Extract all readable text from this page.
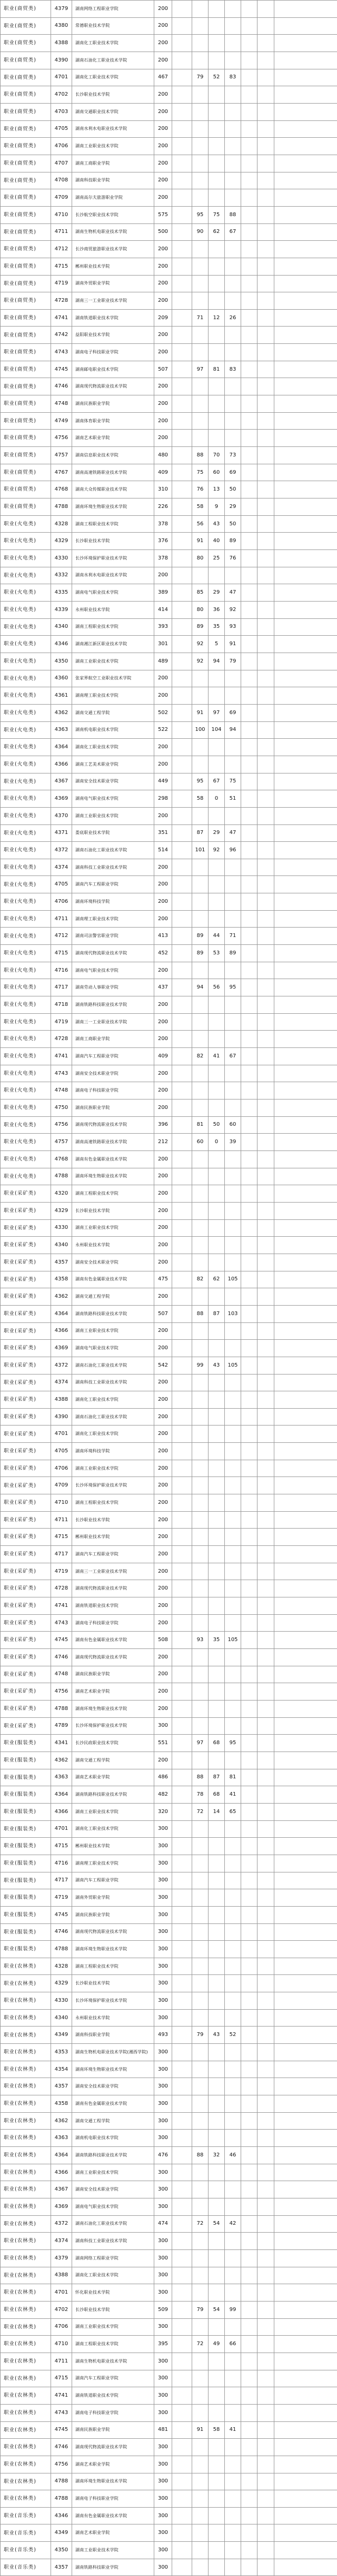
职业(商贸类)	4379	湖南网络工程职业学院	200							
职业(商贸类)	4380	常德职业技术学院	200							
职业(商贸类)	4388	湖南化工职业技术学院	200							
职业(商贸类)	4390	湖南石油化工职业技术学院	200							
职业(商贸类)	4701	湖南化工职业技术学院	467		79	52	83			
职业(商贸类)	4702	长沙职业技术学院	200							
职业(商贸类)	4703	湖南交通职业技术学院	200							
职业(商贸类)	4705	湖南水利水电职业技术学院	200							
职业(商贸类)	4706	湖南工业职业技术学院	200							
职业(商贸类)	4707	湖南工商职业学院	200							
职业(商贸类)	4708	湖南科技职业学院	200							
职业(商贸类)	4709	湖南高尔夫旅游职业学院	200							
职业(商贸类)	4710	长沙航空职业技术学院	575		95	75	88			
职业(商贸类)	4711	湖南生物机电职业技术学院	500		90	62	67			
职业(商贸类)	4712	长沙商贸旅游职业技术学院	200							
职业(商贸类)	4715	郴州职业技术学院	200							
职业(商贸类)	4719	湖南外贸职业学院	200							
职业(商贸类)	4728	湖南三一工业职业技术学院	200							
职业(商贸类)	4741	湖南铁道职业技术学院	209		71	12	26			
职业(商贸类)	4742	益阳职业技术学院	200							
职业(商贸类)	4743	湖南电子科技职业学院	200							
职业(商贸类)	4745	湖南邮电职业技术学院	507		97	81	83			
职业(商贸类)	4746	湖南现代物流职业技术学院	200							
职业(商贸类)	4748	湖南民族职业学院	200							
职业(商贸类)	4749	湖南体育职业学院	200							
职业(商贸类)	4756	湖南艺术职业学院	200							
职业(商贸类)	4757	湖南信息职业技术学院	480		88	70	73			
职业(商贸类)	4767	湖南高速铁路职业技术学院	409		75	60	69			
职业(商贸类)	4768	湖南大众传媒职业技术学院	310		76	13	50			
职业(商贸类)	4788	湖南环境生物职业技术学院	226		58	9	29			
职业(火电类)	4328	湖南工程职业技术学院	378		56	43	50			
职业(火电类)	4329	长沙职业技术学院	376		91	40	89			
职业(火电类)	4330	长沙环境保护职业技术学院	378		80	25	76			
职业(火电类)	4332	湖南水利水电职业技术学院	200							
职业(火电类)	4335	湖南电气职业技术学院	389		85	29	47			
职业(火电类)	4339	永州职业技术学院	414		80	36	92			
职业(火电类)	4340	湖南工程职业技术学院	393		89	35	93			
职业(火电类)	4346	湖南湘江新区职业技术学院	301		92	5	91			
职业(火电类)	4350	湖南工业职业技术学院	489		92	94	79			
职业(火电类)	4360	张家界航空工业职业技术学院	200							
职业(火电类)	4361	湖南理工职业技术学院	200							
职业(火电类)	4362	湖南交通工程学院	502		91	97	69			
职业(火电类)	4363	湖南机电职业技术学院	522		100	104	94			
职业(火电类)	4364	湖南化工职业技术学院	200							
职业(火电类)	4366	湖南工艺美术职业学院	200							
职业(火电类)	4367	湖南安全技术职业学院	449		95	67	75			
职业(火电类)	4369	湖南电气职业技术学院	298		58	0	51			
职业(火电类)	4370	湖南工业职业技术学院	200							
职业(火电类)	4371	娄底职业技术学院	351		87	29	47			
职业(火电类)	4372	湖南石油化工职业技术学院	514		101	92	96			
职业(火电类)	4374	湖南科技工业职业技术学院	200							
职业(火电类)	4705	湖南汽车工程职业学院	200							
职业(火电类)	4706	湖南环境科技学院	200							
职业(火电类)	4711	湖南理工职业技术学院	200							
职业(火电类)	4712	湖南司法警官职业学院	413		89	44	71			
职业(火电类)	4715	湖南现代物流职业技术学院	452		89	53	89			
职业(火电类)	4716	湖南电气职业技术学院	200							
职业(火电类)	4717	湖南劳动人事职业学院	437		94	56	95			
职业(火电类)	4718	湖南铁路科技职业技术学院	200							
职业(火电类)	4719	湖南三一工业职业技术学院	200							
职业(火电类)	4728	湖南工商职业学院	200							
职业(火电类)	4741	湖南汽车工程职业学院	409		82	41	67			
职业(火电类)	4743	湖南安全技术职业学院	200							
职业(火电类)	4748	湖南电子科技职业学院	200							
职业(火电类)	4750	湖南民族职业学院	200							
职业(火电类)	4756	湖南现代物流职业技术学院	396		81	50	60			
职业(火电类)	4757	湖南高速铁路职业技术学院	212		60	0	39			
职业(火电类)	4768	湖南有色金属职业技术学院	200							
职业(火电类)	4788	湖南环境生物职业技术学院	200							
职业(采矿类)	4320	湖南工程职业技术学院	200							
职业(采矿类)	4329	长沙职业技术学院	200							
职业(采矿类)	4330	湖南工业职业技术学院	200							
职业(采矿类)	4340	永州职业技术学院	200							
职业(采矿类)	4357	湖南安全技术职业学院	200							
职业(采矿类)	4358	湖南有色金属职业技术学院	475		82	62	105			
职业(采矿类)	4362	湖南交通工程学院	200							
职业(采矿类)	4364	湖南铁路科技职业技术学院	507		88	87	103			
职业(采矿类)	4366	湖南工业职业技术学院	200							
职业(采矿类)	4369	湖南电气职业技术学院	200							
职业(采矿类)	4372	湖南石油化工职业技术学院	542		99	43	105			
职业(采矿类)	4374	湖南科技工业职业技术学院	200							
职业(采矿类)	4388	湖南化工职业技术学院	200							
职业(采矿类)	4390	湖南石油化工职业技术学院	200							
职业(采矿类)	4701	湖南化工职业技术学院	200							
职业(采矿类)	4705	湖南环境科技学院	200							
职业(采矿类)	4706	湖南工业职业技术学院	200							
职业(采矿类)	4709	长沙环境保护职业技术学院	200							
职业(采矿类)	4710	湖南工程职业技术学院	200							
职业(采矿类)	4711	长沙职业技术学院	200							
职业(采矿类)	4715	郴州职业技术学院	200							
职业(采矿类)	4717	湖南汽车工程职业学院	200							
职业(采矿类)	4719	湖南三一工业职业技术学院	200							
职业(采矿类)	4728	湖南现代物流职业技术学院	200							
职业(采矿类)	4741	湖南铁道职业技术学院	200							
职业(采矿类)	4743	湖南电子科技职业学院	200							
职业(采矿类)	4745	湖南有色金属职业技术学院	508		93	35	105			
职业(采矿类)	4746	湖南现代物流职业技术学院	200							
职业(采矿类)	4748	湖南民族职业学院	200							
职业(采矿类)	4756	湖南艺术职业学院	200							
职业(采矿类)	4788	湖南环境生物职业技术学院	200							
职业(采矿类)	4789	长沙环境保护职业技术学院	300							
职业(服装类)	4341	长沙民政职业技术学院	551		97	68	95			
职业(服装类)	4362	湖南交通工程学院	200							
职业(服装类)	4363	湖南艺术职业学院	486		88	87	81			
职业(服装类)	4364	湖南铁路科技职业技术学院	482		78	68	41			
职业(服装类)	4366	湖南工业职业技术学院	320		72	14	65			
职业(服装类)	4701	湖南化工职业技术学院	300							
职业(服装类)	4715	郴州职业技术学院	300							
职业(服装类)	4716	湖南理工职业技术学院	300							
职业(服装类)	4717	湖南汽车工程职业学院	300							
职业(服装类)	4719	湖南外贸职业学院	300							
职业(服装类)	4745	湖南民族职业学院	300							
职业(服装类)	4746	湖南现代物流职业技术学院	300							
职业(服装类)	4788	湖南环境生物职业技术学院	300							
职业(农林类)	4328	湖南工程职业技术学院	300							
职业(农林类)	4329	长沙职业技术学院	300							
职业(农林类)	4330	长沙环境保护职业技术学院	300							
职业(农林类)	4340	永州职业技术学院	300							
职业(农林类)	4349	湖南科技职业学院	493		79	43	52			
职业(农林类)	4353	湖南生物机电职业技术学院(湘西学院)	300							
职业(农林类)	4354	湖南环境生物职业技术学院	300							
职业(农林类)	4357	湖南安全技术职业学院	300							
职业(农林类)	4358	湖南有色金属职业技术学院	300							
职业(农林类)	4362	湖南交通工程学院	300							
职业(农林类)	4363	湖南机电职业技术学院	300							
职业(农林类)	4364	湖南铁路科技职业技术学院	476		88	32	46			
职业(农林类)	4366	湖南工业职业技术学院	300							
职业(农林类)	4367	湖南安全技术职业学院	300							
职业(农林类)	4369	湖南电气职业技术学院	300							
职业(农林类)	4372	湖南石油化工职业技术学院	474		72	54	42			
职业(农林类)	4374	湖南科技工业职业技术学院	300							
职业(农林类)	4379	湖南网络工程职业学院	300							
职业(农林类)	4388	湖南化工职业技术学院	300							
职业(农林类)	4701	怀化职业技术学院	300							
职业(农林类)	4702	长沙职业技术学院	509		79	54	99			
职业(农林类)	4706	湖南工业职业技术学院	300							
职业(农林类)	4710	湖南工程职业技术学院	395		72	49	66			
职业(农林类)	4711	湖南生物机电职业技术学院	300							
职业(农林类)	4715	湖南汽车工程职业学院	300							
职业(农林类)	4741	湖南铁道职业技术学院	300							
职业(农林类)	4743	湖南电子科技职业学院	300							
职业(农林类)	4745	湖南民族职业学院	481		91	58	41			
职业(农林类)	4746	湖南现代物流职业技术学院	300							
职业(农林类)	4756	湖南艺术职业学院	300							
职业(农林类)	4788	湖南环境生物职业技术学院	300							
职业(农林类)	4788	湖南电子科技职业学院	300							
职业(音乐类)	4346	湖南有色金属职业技术学院	300							
职业(音乐类)	4349	湖南艺术职业学院	300							
职业(音乐类)	4350	湖南工业职业技术学院	300							
职业(音乐类)	4357	湖南铁路科技职业学院	300							
